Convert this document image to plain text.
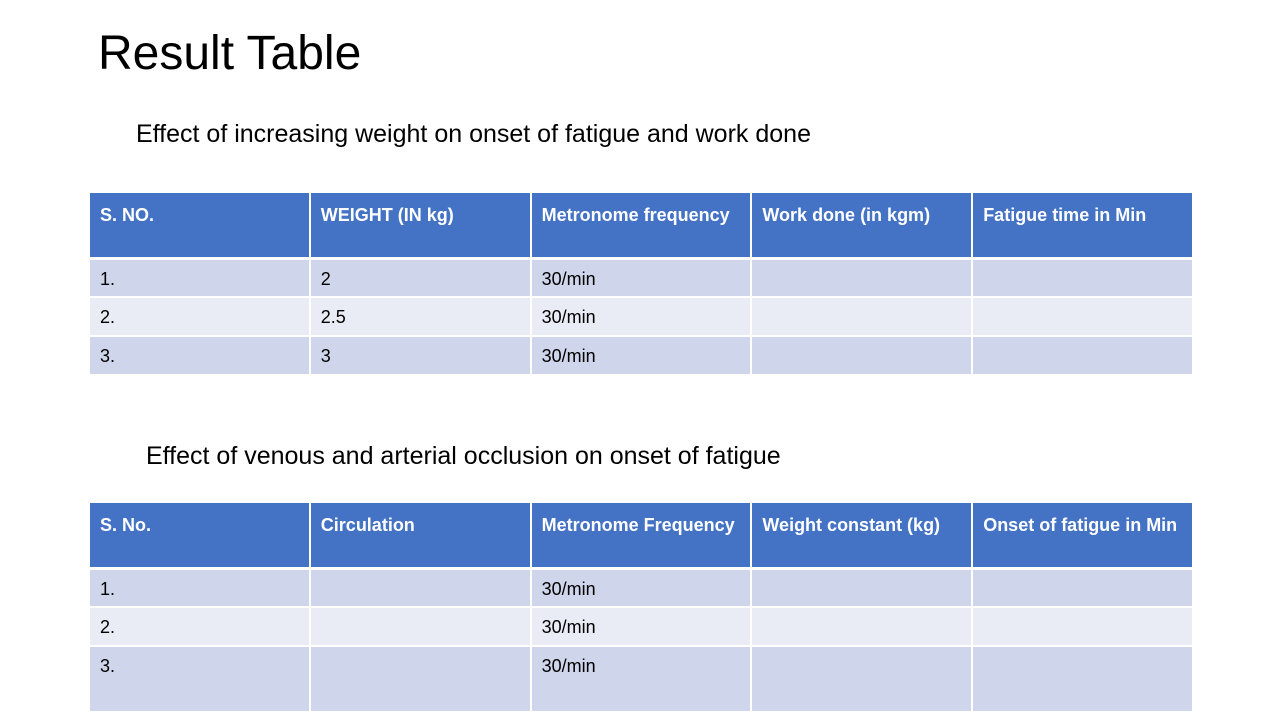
Result Table
Effect of increasing weight on onset of fatigue and work done
S. NO.	WEIGHT (IN kg)	Metronome frequency	Work done (in kgm)	Fatigue time in Min
1.	2	30/min		
2.	2.5	30/min		
3.	3	30/min		
Effect of venous and arterial occlusion on onset of fatigue
S. No.	Circulation	Metronome Frequency	Weight constant (kg)	Onset of fatigue in Min
1.		30/min		
2.		30/min		
3.		30/min		
